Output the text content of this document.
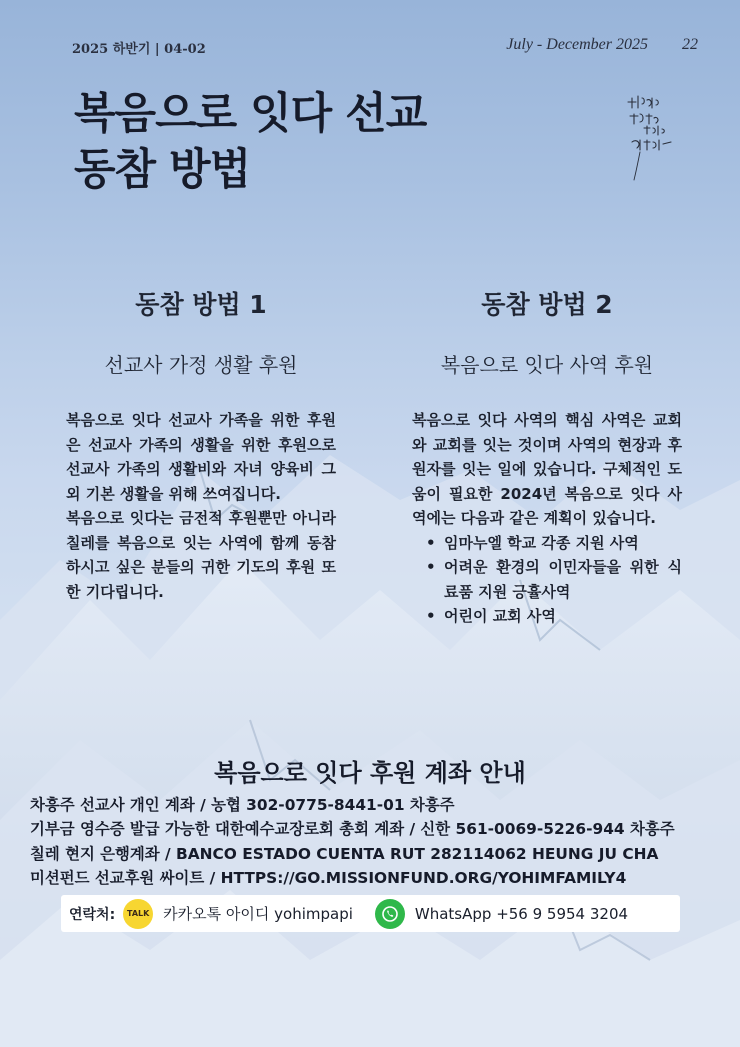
2025 하반기 | 04-02	July - December 2025 22
복음으로 잇다 선교
동참 방법
동참 방법 1
선교사 가정 생활 후원

복음으로 잇다 선교사 가족을 위한 후원은 선교사 가족의 생활을 위한 후원으로 선교사 가족의 생활비와 자녀 양육비 그 외 기본 생활을 위해 쓰여집니다.

복음으로 잇다는 금전적 후원뿐만 아니라 칠레를 복음으로 잇는 사역에 함께 동참하시고 싶은 분들의 귀한 기도의 후원 또한 기다립니다.

동참 방법 2
복음으로 잇다 사역 후원

복음으로 잇다 사역의 핵심 사역은 교회와 교회를 잇는 것이며 사역의 현장과 후원자를 잇는 일에 있습니다. 구체적인 도움이 필요한 2024년 복음으로 잇다 사역에는 다음과 같은 계획이 있습니다.

• 임마누엘 학교 각종 지원 사역
• 어려운 환경의 이민자들을 위한 식료품 지원 긍휼사역
• 어린이 교회 사역
복음으로 잇다 후원 계좌 안내
차흥주 선교사 개인 계좌 / 농협 302-0775-8441-01 차흥주
기부금 영수증 발급 가능한 대한예수교장로회 총회 계좌 / 신한 561-0069-5226-944 차흥주
칠레 현지 은행계좌 / BANCO ESTADO CUENTA RUT 282114062 HEUNG JU CHA
미션펀드 선교후원 싸이트 / HTTPS://GO.MISSIONFUND.ORG/YOHIMFAMILY4
연락처: TALK 카카오톡 아이디 yohimpapi	WhatsApp +56 9 5954 3204
